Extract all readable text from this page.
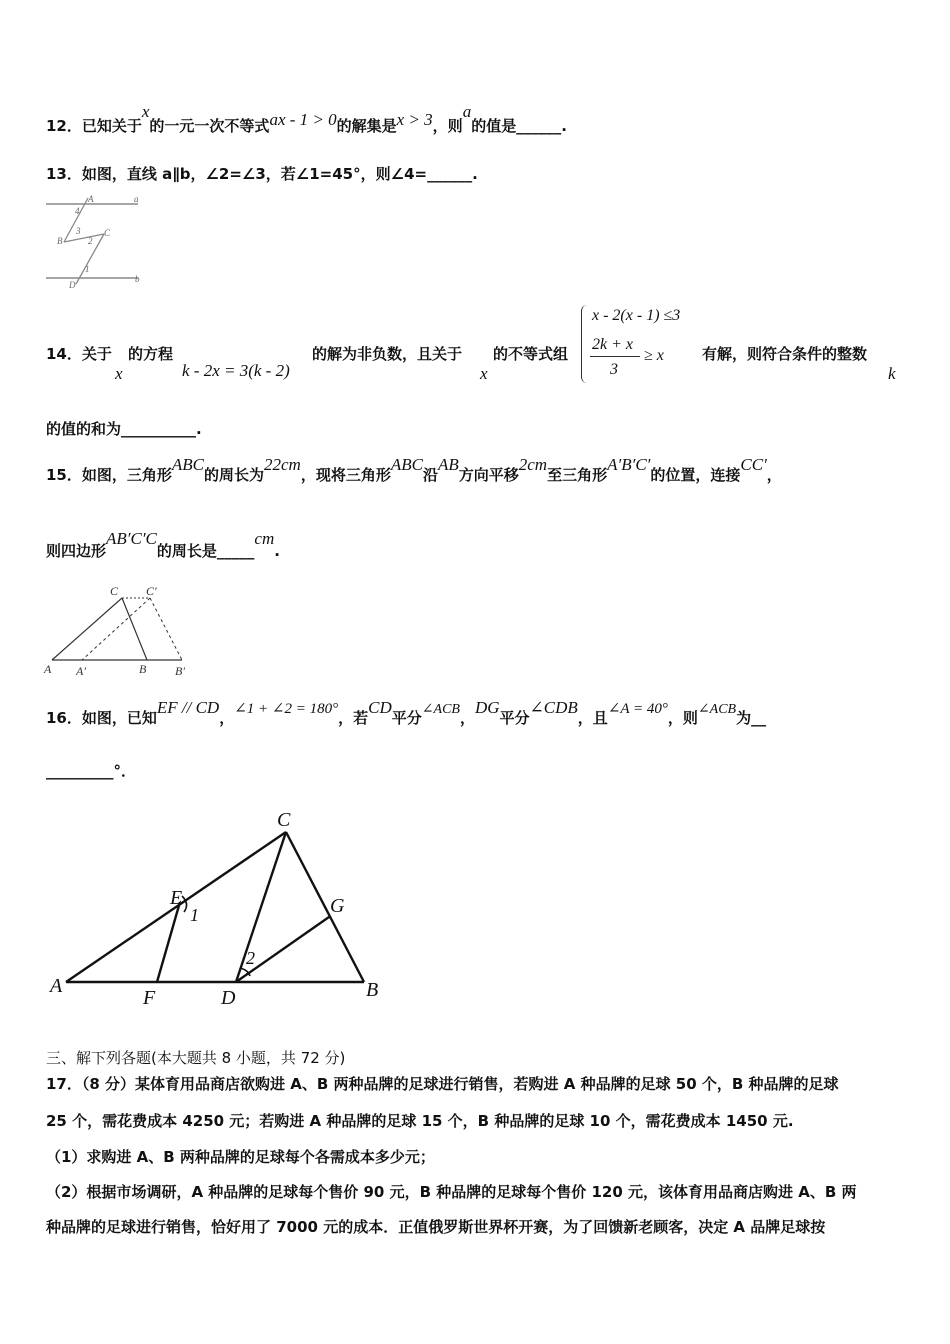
12．已知关于x的一元一次不等式ax - 1 > 0的解集是x > 3，则a的值是______.
13．如图，直线 a∥b，∠2=∠3，若∠1=45°，则∠4=______.
4
A	a
3
2
B
C
1
D
b
14．关于
x
的方程
k - 2x = 3(k - 2)
的解为非负数，且关于
x
的不等式组
x - 2(x - 1) ≤3
2k + x
3
≥ x	有解，则符合条件的整数
k
的值的和为__________.
15．如图，三角形ABC的周长为22cm，现将三角形ABC沿AB方向平移2cm至三角形A′B′C′的位置，连接CC′，
则四边形AB′C′C的周长是_____cm.
C C′
A A′	B B′
16．如图，已知EF // CD，∠1 + ∠2 = 180°，若CD平分∠ACB，DG平分∠CDB，且∠A = 40°，则∠ACB为__
_________°．
C
E
1	G
2
A
F	D	B
三、解下列各题(本大题共 8 小题，共 72 分)
17．（8 分）某体育用品商店欲购进 A、B 两种品牌的足球进行销售，若购进 A 种品牌的足球 50 个，B 种品牌的足球
25 个，需花费成本 4250 元；若购进 A 种品牌的足球 15 个，B 种品牌的足球 10 个，需花费成本 1450 元.
（1）求购进 A、B 两种品牌的足球每个各需成本多少元；
（2）根据市场调研，A 种品牌的足球每个售价 90 元，B 种品牌的足球每个售价 120 元，该体育用品商店购进 A、B 两
种品牌的足球进行销售，恰好用了 7000 元的成本．正值俄罗斯世界杯开赛，为了回馈新老顾客，决定 A 品牌足球按
